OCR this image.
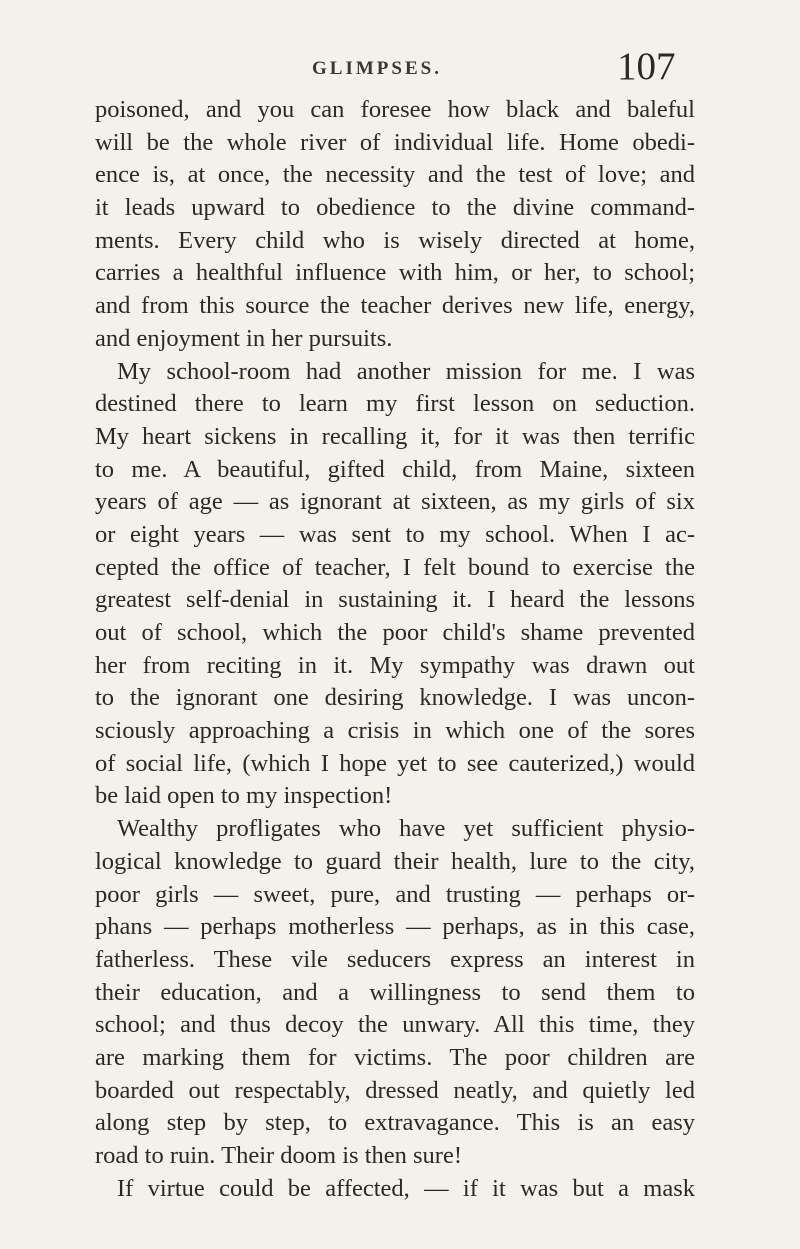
GLIMPSES.	107
poisoned, and you can foresee how black and baleful
will be the whole river of individual life. Home obedi-
ence is, at once, the necessity and the test of love; and
it leads upward to obedience to the divine command-
ments. Every child who is wisely directed at home,
carries a healthful influence with him, or her, to school;
and from this source the teacher derives new life, energy,
and enjoyment in her pursuits.
My school-room had another mission for me. I was
destined there to learn my first lesson on seduction.
My heart sickens in recalling it, for it was then terrific
to me. A beautiful, gifted child, from Maine, sixteen
years of age — as ignorant at sixteen, as my girls of six
or eight years — was sent to my school. When I ac-
cepted the office of teacher, I felt bound to exercise the
greatest self-denial in sustaining it. I heard the lessons
out of school, which the poor child's shame prevented
her from reciting in it. My sympathy was drawn out
to the ignorant one desiring knowledge. I was uncon-
sciously approaching a crisis in which one of the sores
of social life, (which I hope yet to see cauterized,) would
be laid open to my inspection!
Wealthy profligates who have yet sufficient physio-
logical knowledge to guard their health, lure to the city,
poor girls — sweet, pure, and trusting — perhaps or-
phans — perhaps motherless — perhaps, as in this case,
fatherless. These vile seducers express an interest in
their education, and a willingness to send them to
school; and thus decoy the unwary. All this time, they
are marking them for victims. The poor children are
boarded out respectably, dressed neatly, and quietly led
along step by step, to extravagance. This is an easy
road to ruin. Their doom is then sure!
If virtue could be affected, — if it was but a mask
